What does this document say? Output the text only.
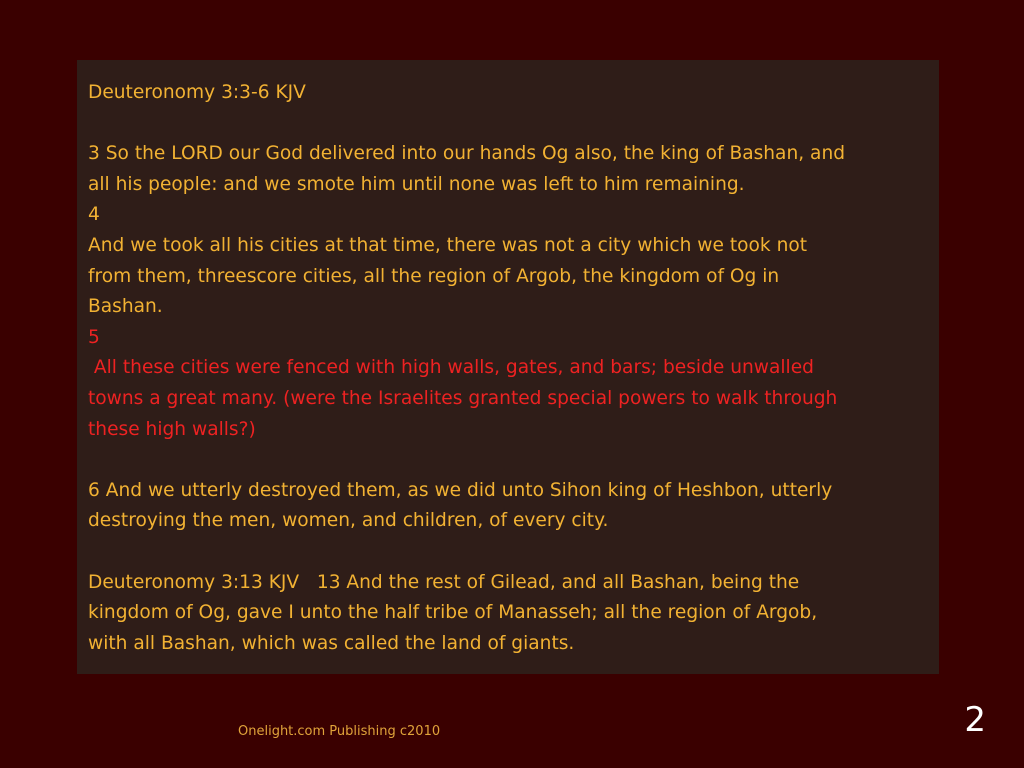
Deuteronomy 3:3-6 KJV
3 So the LORD our God delivered into our hands Og also, the king of Bashan, and
all his people: and we smote him until none was left to him remaining.
4
And we took all his cities at that time, there was not a city which we took not
from them, threescore cities, all the region of Argob, the kingdom of Og in
Bashan.
5
All these cities were fenced with high walls, gates, and bars; beside unwalled
towns a great many. (were the Israelites granted special powers to walk through
these high walls?)
6 And we utterly destroyed them, as we did unto Sihon king of Heshbon, utterly
destroying the men, women, and children, of every city.
Deuteronomy 3:13 KJV   13 And the rest of Gilead, and all Bashan, being the
kingdom of Og, gave I unto the half tribe of Manasseh; all the region of Argob,
with all Bashan, which was called the land of giants.
Onelight.com Publishing c2010	2
